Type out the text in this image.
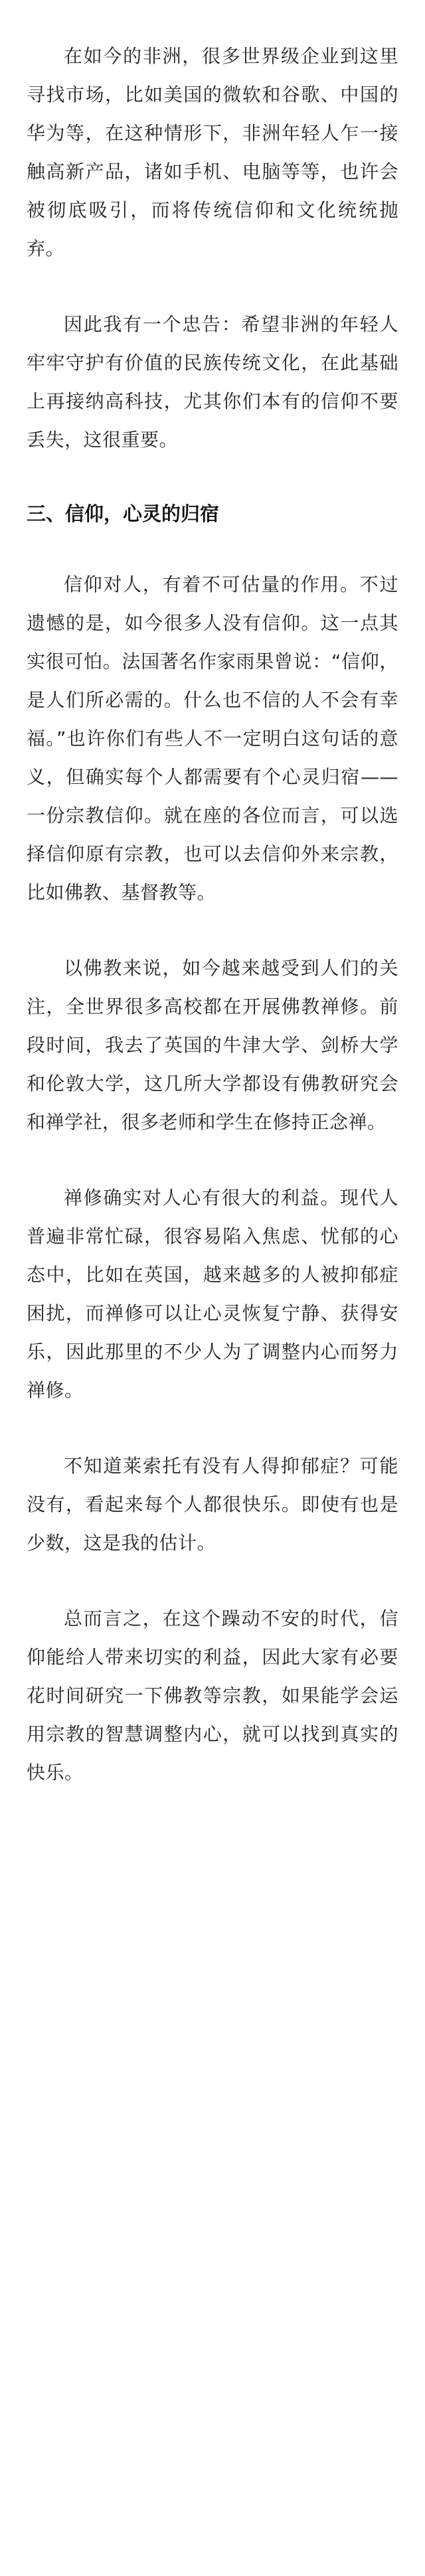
在如今的非洲，很多世界级企业到这里寻找市场，比如美国的微软和谷歌、中国的华为等，在这种情形下，非洲年轻人乍一接触高新产品，诸如手机、电脑等等，也许会被彻底吸引，而将传统信仰和文化统统抛弃。

因此我有一个忠告：希望非洲的年轻人牢牢守护有价值的民族传统文化，在此基础上再接纳高科技，尤其你们本有的信仰不要丢失，这很重要。

三、信仰，心灵的归宿

信仰对人，有着不可估量的作用。不过遗憾的是，如今很多人没有信仰。这一点其实很可怕。法国著名作家雨果曾说：“信仰，是人们所必需的。什么也不信的人不会有幸福。”也许你们有些人不一定明白这句话的意义，但确实每个人都需要有个心灵归宿——一份宗教信仰。就在座的各位而言，可以选择信仰原有宗教，也可以去信仰外来宗教，比如佛教、基督教等。

以佛教来说，如今越来越受到人们的关注，全世界很多高校都在开展佛教禅修。前段时间，我去了英国的牛津大学、剑桥大学和伦敦大学，这几所大学都设有佛教研究会和禅学社，很多老师和学生在修持正念禅。

禅修确实对人心有很大的利益。现代人普遍非常忙碌，很容易陷入焦虑、忧郁的心态中，比如在英国，越来越多的人被抑郁症困扰，而禅修可以让心灵恢复宁静、获得安乐，因此那里的不少人为了调整内心而努力禅修。

不知道莱索托有没有人得抑郁症？可能没有，看起来每个人都很快乐。即使有也是少数，这是我的估计。

总而言之，在这个躁动不安的时代，信仰能给人带来切实的利益，因此大家有必要花时间研究一下佛教等宗教，如果能学会运用宗教的智慧调整内心，就可以找到真实的快乐。
